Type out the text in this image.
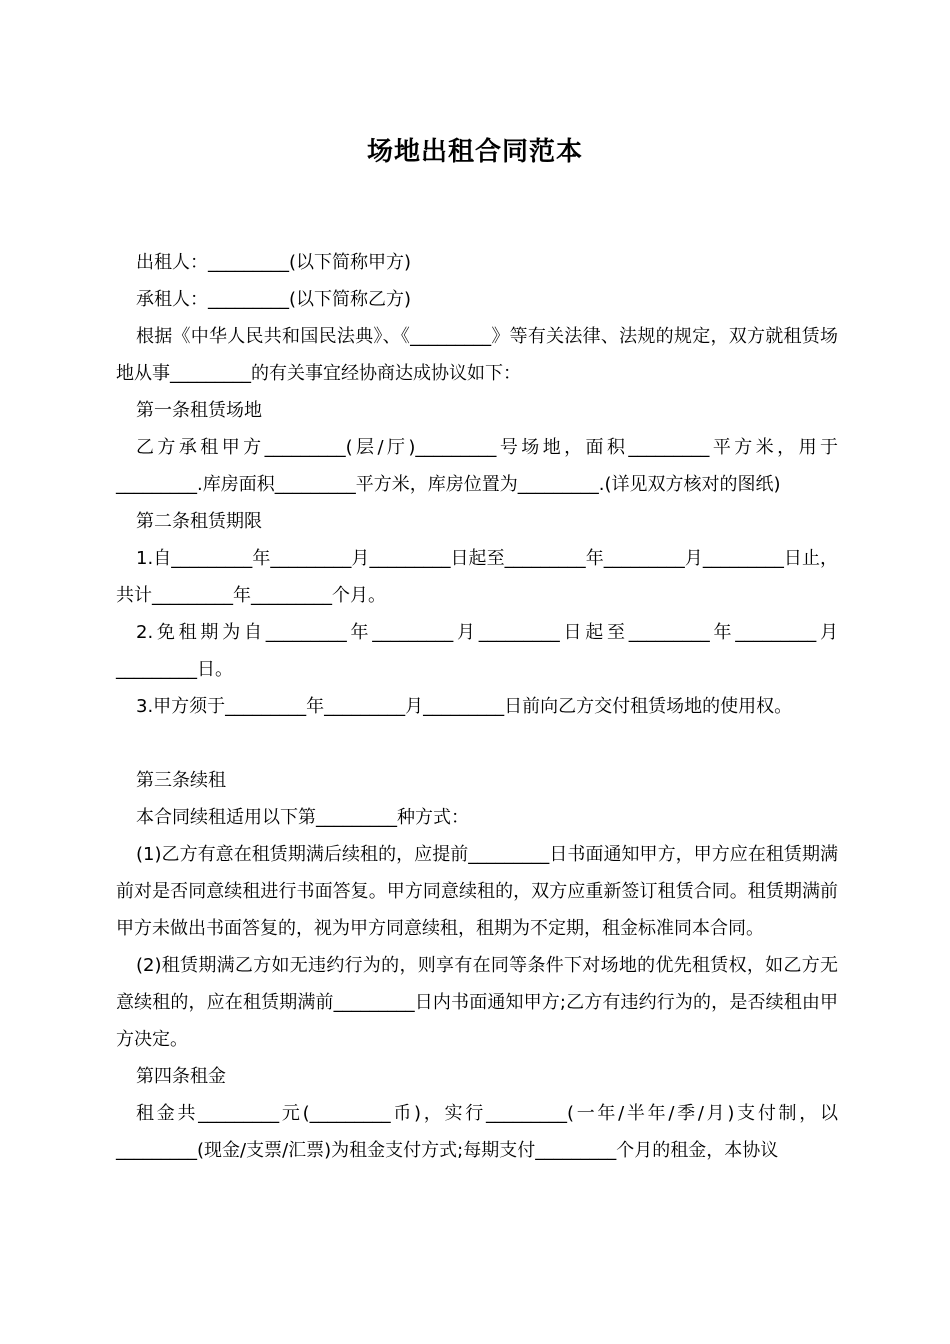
场地出租合同范本

出租人：_________(以下简称甲方)

承租人：_________(以下简称乙方)

根据《中华人民共和国民法典》、《_________》等有关法律、法规的规定，双方就租赁场地从事_________的有关事宜经协商达成协议如下：

第一条租赁场地

乙方承租甲方_________(层/厅)_________号场地，面积_________平方米，用于_________.库房面积_________平方米，库房位置为_________.(详见双方核对的图纸)

第二条租赁期限

1.自_________年_________月_________日起至_________年_________月_________日止，共计_________年_________个月。

2.免租期为自_________年_________月_________日起至_________年_________月_________日。

3.甲方须于_________年_________月_________日前向乙方交付租赁场地的使用权。

第三条续租

本合同续租适用以下第_________种方式：

(1)乙方有意在租赁期满后续租的，应提前_________日书面通知甲方，甲方应在租赁期满前对是否同意续租进行书面答复。甲方同意续租的，双方应重新签订租赁合同。租赁期满前甲方未做出书面答复的，视为甲方同意续租，租期为不定期，租金标准同本合同。

(2)租赁期满乙方如无违约行为的，则享有在同等条件下对场地的优先租赁权，如乙方无意续租的，应在租赁期满前_________日内书面通知甲方;乙方有违约行为的，是否续租由甲方决定。

第四条租金

租金共_________元(_________币)，实行_________(一年/半年/季/月)支付制，以_________(现金/支票/汇票)为租金支付方式;每期支付_________个月的租金，本协议
